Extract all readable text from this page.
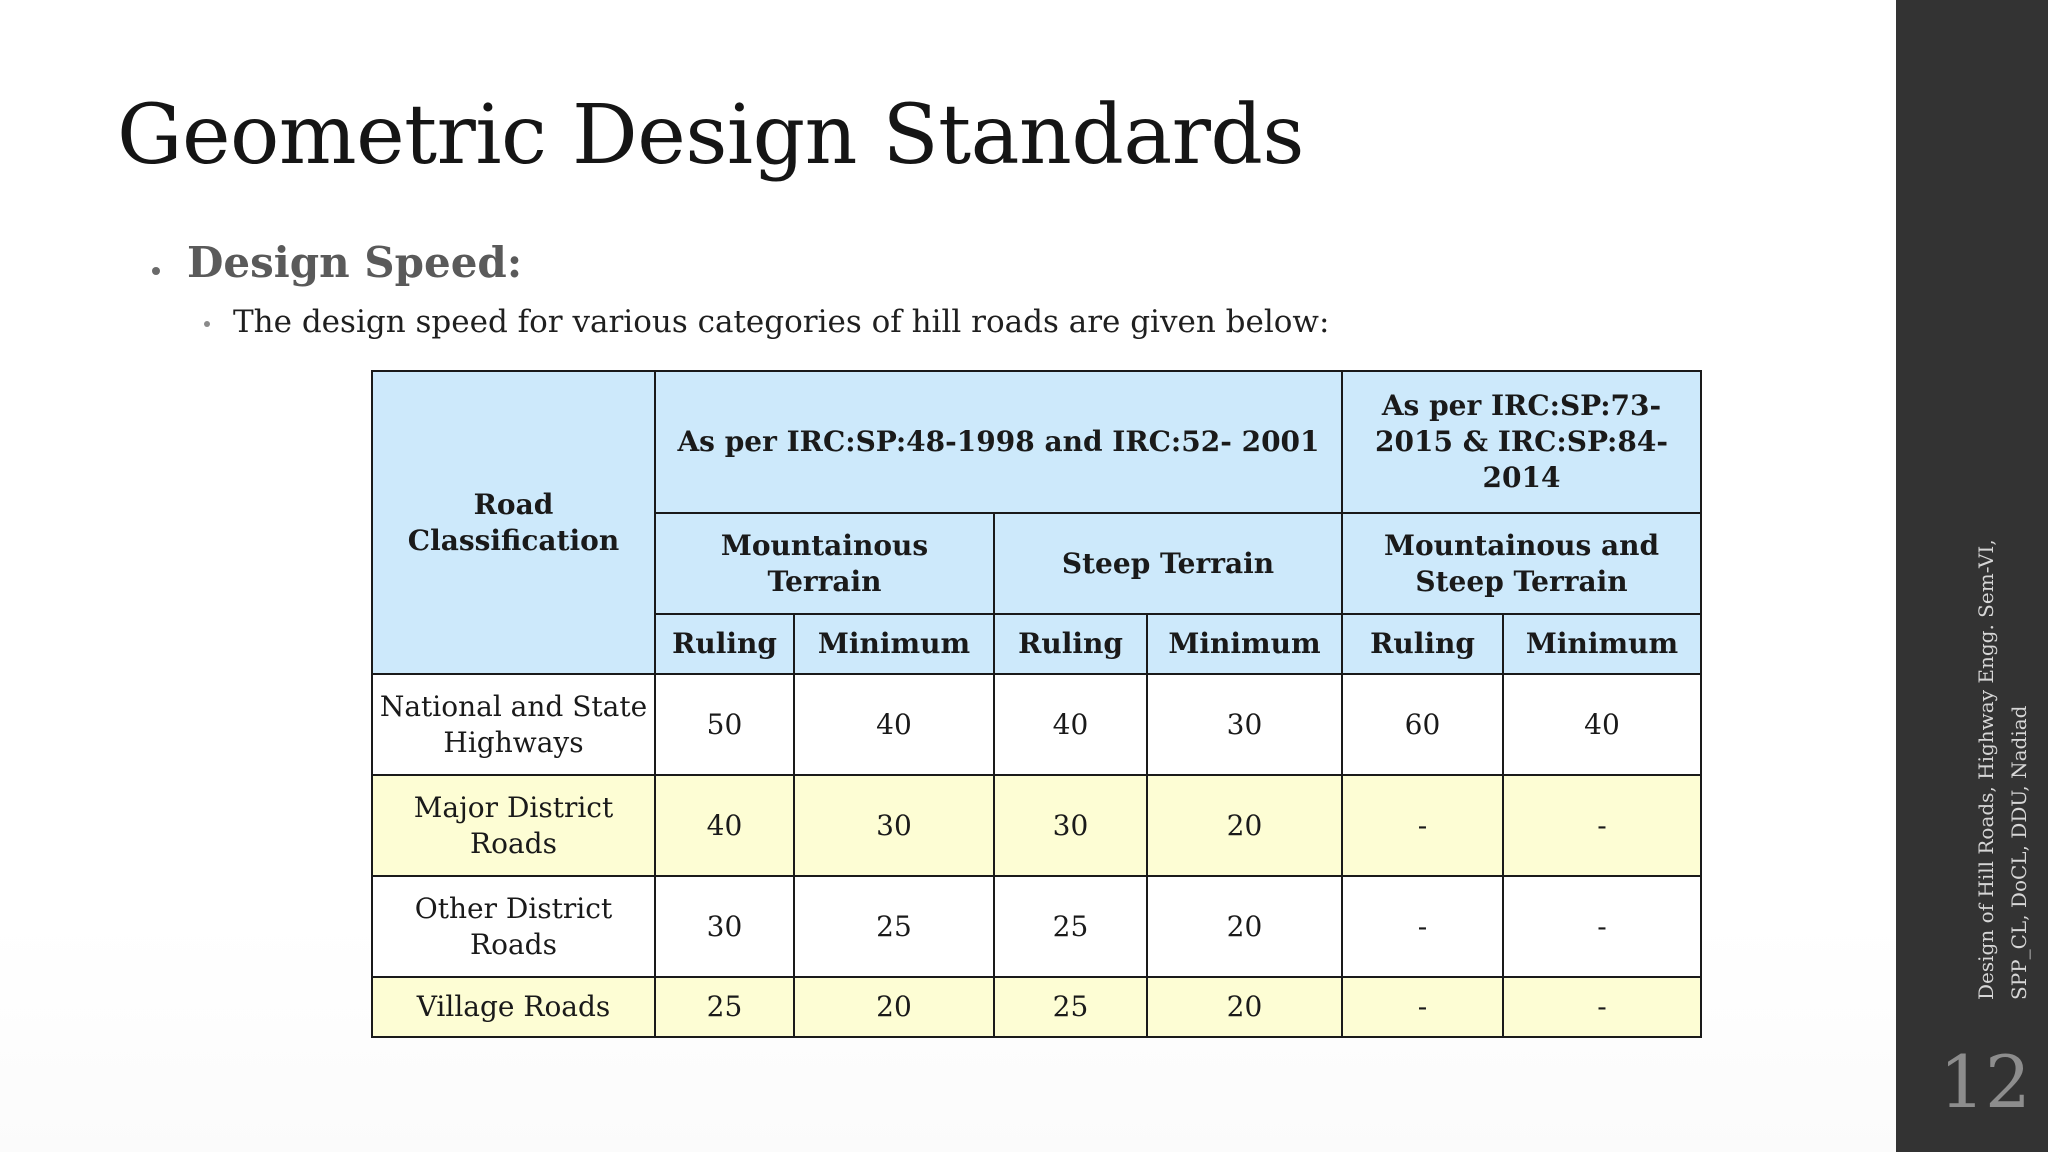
Geometric Design Standards
Design Speed:
The design speed for various categories of hill roads are given below:
Road Classification	As per IRC:SP:48-1998 and IRC:52- 2001				As per IRC:SP:73-2015 & IRC:SP:84-2014	
	Mountainous Terrain		Steep Terrain		Mountainous and Steep Terrain	
	Ruling	Minimum	Ruling	Minimum	Ruling	Minimum
National and State Highways	50	40	40	30	60	40
Major District Roads	40	30	30	20	-	-
Other District Roads	30	25	25	20	-	-
Village Roads	25	20	25	20	-	-
Design of Hill Roads, Highway Engg. Sem-VI, SPP_CL, DoCL, DDU, Nadiad
12
